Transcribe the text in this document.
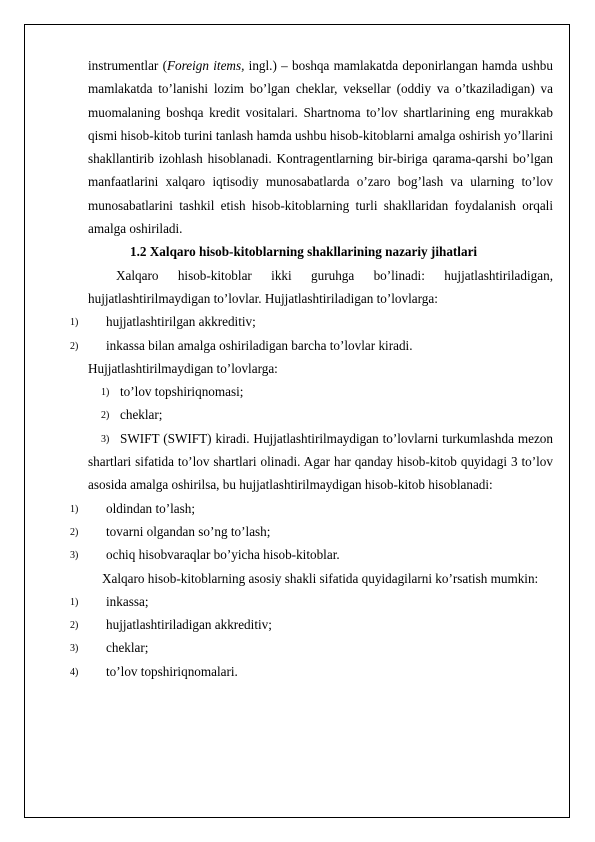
instrumentlar (Foreign items, ingl.) – boshqa mamlakatda deponirlangan hamda ushbu mamlakatda to’lanishi lozim bo’lgan cheklar, veksellar (oddiy va o’tkaziladigan) va muomalaning boshqa kredit vositalari. Shartnoma to’lov shartlarining eng murakkab qismi hisob-kitob turini tanlash hamda ushbu hisob-kitoblarni amalga oshirish yo’llarini shakllantirib izohlash hisoblanadi. Kontragentlarning bir-biriga qarama-qarshi bo’lgan manfaatlarini xalqaro iqtisodiy munosabatlarda o’zaro bog’lash va ularning to’lov munosabatlarini tashkil etish hisob-kitoblarning turli shakllaridan foydalanish orqali amalga oshiriladi.

1.2 Xalqaro hisob-kitoblarning shakllarining nazariy jihatlari

Xalqaro hisob-kitoblar ikki guruhga bo’linadi: hujjatlashtiriladigan, hujjatlashtirilmaydigan to’lovlar. Hujjatlashtiriladigan to’lovlarga:

1) hujjatlashtirilgan akkreditiv;
2) inkassa bilan amalga oshiriladigan barcha to’lovlar kiradi.

Hujjatlashtirilmaydigan to’lovlarga:

1) to’lov topshiriqnomasi;
2) cheklar;
3) SWIFT (SWIFT) kiradi. Hujjatlashtirilmaydigan to’lovlarni turkumlashda mezon shartlari sifatida to’lov shartlari olinadi. Agar har qanday hisob-kitob quyidagi 3 to’lov asosida amalga oshirilsa, bu hujjatlashtirilmaydigan hisob-kitob hisoblanadi:
1) oldindan to’lash;
2) tovarni olgandan so’ng to’lash;
3) ochiq hisobvaraqlar bo’yicha hisob-kitoblar.

Xalqaro hisob-kitoblarning asosiy shakli sifatida quyidagilarni ko’rsatish mumkin:

1) inkassa;
2) hujjatlashtiriladigan akkreditiv;
3) cheklar;
4) to’lov topshiriqnomalari.
